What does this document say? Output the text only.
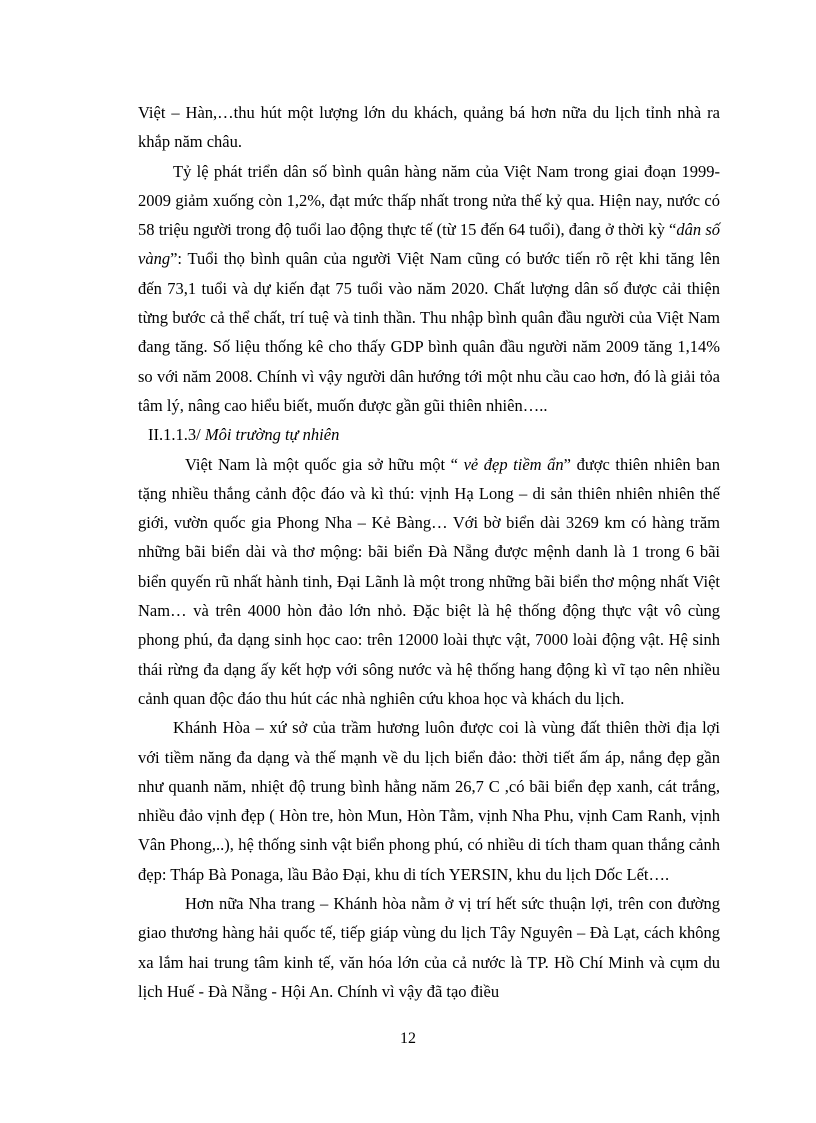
Việt – Hàn,…thu hút một lượng lớn du khách, quảng bá hơn nữa du lịch tỉnh nhà ra khắp năm châu.

Tỷ lệ phát triển dân số bình quân hàng năm của Việt Nam trong giai đoạn 1999-2009 giảm xuống còn 1,2%, đạt mức thấp nhất trong nửa thế kỷ qua. Hiện nay, nước có 58 triệu người trong độ tuổi lao động thực tế (từ 15 đến 64 tuổi), đang ở thời kỳ “dân số vàng”: Tuổi thọ bình quân của người Việt Nam cũng có bước tiến rõ rệt khi tăng lên đến 73,1 tuổi và dự kiến đạt 75 tuổi vào năm 2020. Chất lượng dân số được cải thiện từng bước cả thể chất, trí tuệ và tinh thần. Thu nhập bình quân đầu người của Việt Nam đang tăng. Số liệu thống kê cho thấy GDP bình quân đầu người năm 2009 tăng 1,14% so với năm 2008. Chính vì vậy người dân hướng tới một nhu cầu cao hơn, đó là giải tỏa tâm lý, nâng cao hiểu biết, muốn được gần gũi thiên nhiên…..

II.1.1.3/ Môi trường tự nhiên

Việt Nam là một quốc gia sở hữu một “ vẻ đẹp tiềm ẩn” được thiên nhiên ban tặng nhiều thắng cảnh độc đáo và kì thú: vịnh Hạ Long – di sản thiên nhiên nhiên thế giới, vườn quốc gia Phong Nha – Kẻ Bàng… Với bờ biển dài 3269 km có hàng trăm những bãi biển dài và thơ mộng: bãi biển Đà Nẵng được mệnh danh là 1 trong 6 bãi biển quyến rũ nhất hành tinh, Đại Lãnh là một trong những bãi biển thơ mộng nhất Việt Nam… và trên 4000 hòn đảo lớn nhỏ. Đặc biệt là hệ thống động thực vật vô cùng phong phú, đa dạng sinh học cao: trên 12000 loài thực vật, 7000 loài động vật. Hệ sinh thái rừng đa dạng ấy kết hợp với sông nước và hệ thống hang động kì vĩ tạo nên nhiều cảnh quan độc đáo thu hút các nhà nghiên cứu khoa học và khách du lịch.

Khánh Hòa – xứ sở của trầm hương luôn được coi là vùng đất thiên thời địa lợi với tiềm năng đa dạng và thế mạnh về du lịch biển đảo: thời tiết ấm áp, nắng đẹp gần như quanh năm, nhiệt độ trung bình hằng năm 26,7 C ,có bãi biển đẹp xanh, cát trắng, nhiều đảo vịnh đẹp ( Hòn tre, hòn Mun, Hòn Tằm, vịnh Nha Phu, vịnh Cam Ranh, vịnh Vân Phong,..), hệ thống sinh vật biển phong phú, có nhiều di tích tham quan thắng cảnh đẹp: Tháp Bà Ponaga, lầu Bảo Đại, khu di tích YERSIN, khu du lịch Dốc Lết….

Hơn nữa Nha trang – Khánh hòa nằm ở vị trí hết sức thuận lợi, trên con đường giao thương hàng hải quốc tế, tiếp giáp vùng du lịch Tây Nguyên – Đà Lạt, cách không xa lắm hai trung tâm kinh tế, văn hóa lớn của cả nước là TP. Hồ Chí Minh và cụm du lịch Huế - Đà Nẵng - Hội An. Chính vì vậy đã tạo điều

12
